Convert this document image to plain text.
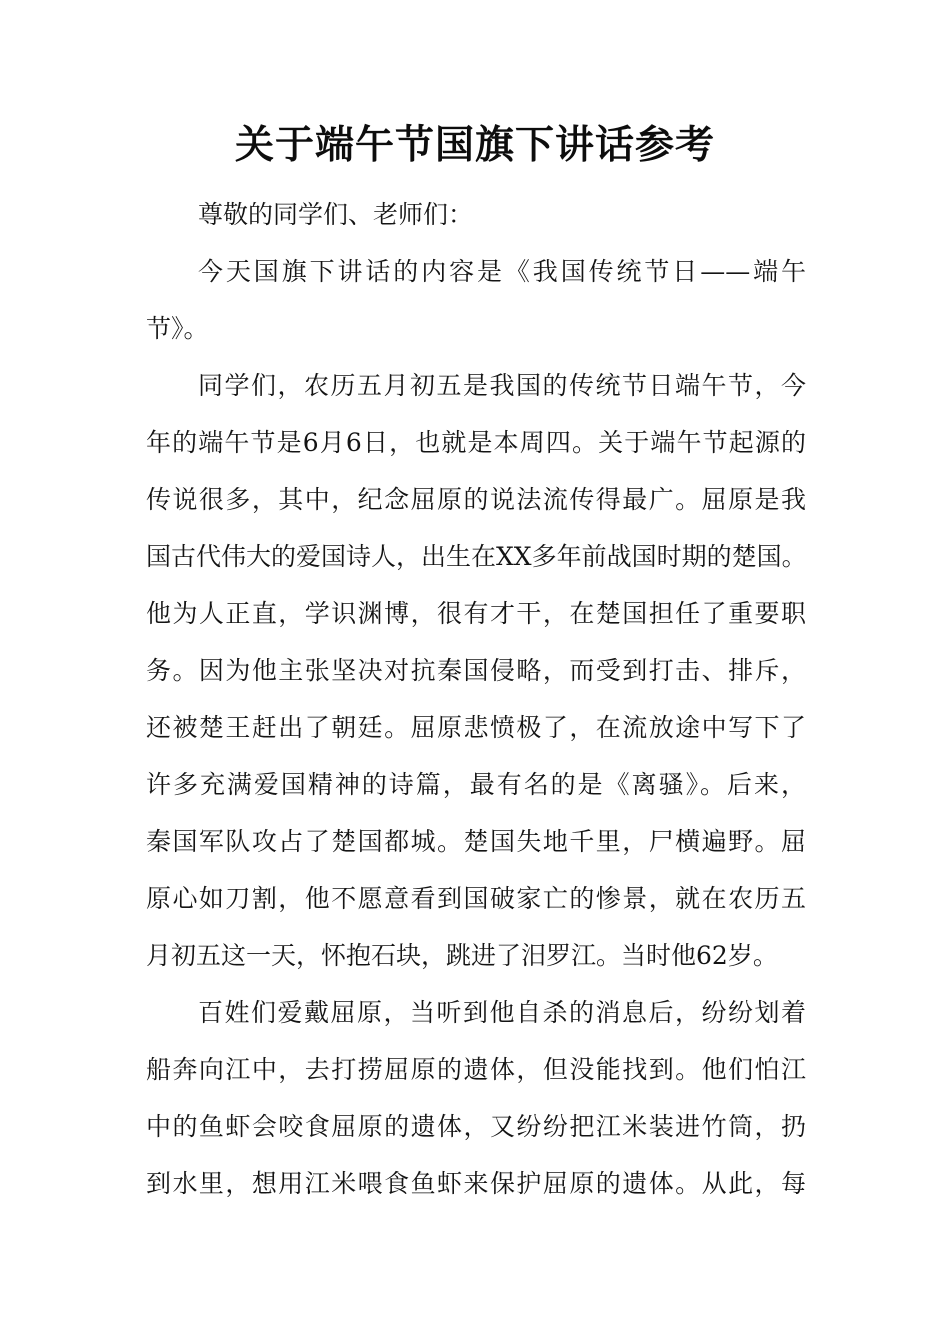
关于端午节国旗下讲话参考
尊敬的同学们、老师们：
今天国旗下讲话的内容是《我国传统节日——端午
节》。
同学们，农历五月初五是我国的传统节日端午节，今
年的端午节是6月6日，也就是本周四。关于端午节起源的
传说很多，其中，纪念屈原的说法流传得最广。屈原是我
国古代伟大的爱国诗人，出生在XX多年前战国时期的楚国。
他为人正直，学识渊博，很有才干，在楚国担任了重要职
务。因为他主张坚决对抗秦国侵略，而受到打击、排斥，
还被楚王赶出了朝廷。屈原悲愤极了，在流放途中写下了
许多充满爱国精神的诗篇，最有名的是《离骚》。后来，
秦国军队攻占了楚国都城。楚国失地千里，尸横遍野。屈
原心如刀割，他不愿意看到国破家亡的惨景，就在农历五
月初五这一天，怀抱石块，跳进了汨罗江。当时他62岁。
百姓们爱戴屈原，当听到他自杀的消息后，纷纷划着
船奔向江中，去打捞屈原的遗体，但没能找到。他们怕江
中的鱼虾会咬食屈原的遗体，又纷纷把江米装进竹筒，扔
到水里，想用江米喂食鱼虾来保护屈原的遗体。从此，每
